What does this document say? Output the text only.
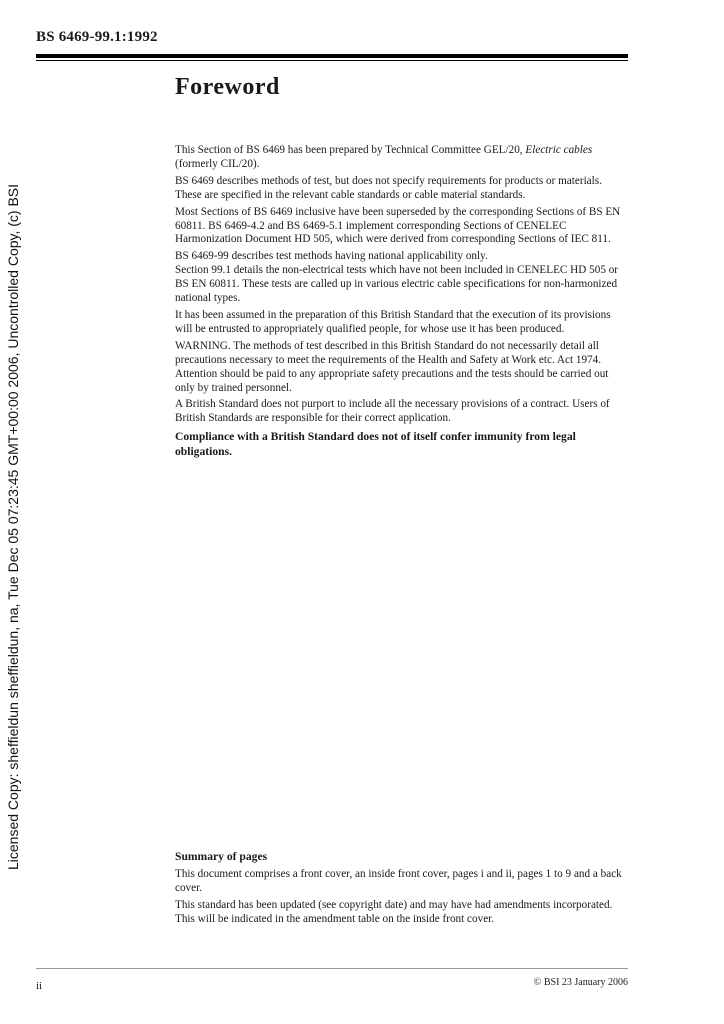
BS 6469-99.1:1992
Licensed Copy: sheffieldun sheffieldun, na, Tue Dec 05 07:23:45 GMT+00:00 2006, Uncontrolled Copy, (c) BSI
Foreword

This Section of BS 6469 has been prepared by Technical Committee GEL/20, Electric cables (formerly CIL/20).

BS 6469 describes methods of test, but does not specify requirements for products or materials. These are specified in the relevant cable standards or cable material standards.

Most Sections of BS 6469 inclusive have been superseded by the corresponding Sections of BS EN 60811. BS 6469-4.2 and BS 6469-5.1 implement corresponding Sections of CENELEC Harmonization Document HD 505, which were derived from corresponding Sections of IEC 811.

BS 6469-99 describes test methods having national applicability only.

Section 99.1 details the non-electrical tests which have not been included in CENELEC HD 505 or BS EN 60811. These tests are called up in various electric cable specifications for non-harmonized national types.

It has been assumed in the preparation of this British Standard that the execution of its provisions will be entrusted to appropriately qualified people, for whose use it has been produced.

WARNING. The methods of test described in this British Standard do not necessarily detail all precautions necessary to meet the requirements of the Health and Safety at Work etc. Act 1974. Attention should be paid to any appropriate safety precautions and the tests should be carried out only by trained personnel.

A British Standard does not purport to include all the necessary provisions of a contract. Users of British Standards are responsible for their correct application.

Compliance with a British Standard does not of itself confer immunity from legal obligations.

Summary of pages

This document comprises a front cover, an inside front cover, pages i and ii, pages 1 to 9 and a back cover.

This standard has been updated (see copyright date) and may have had amendments incorporated. This will be indicated in the amendment table on the inside front cover.

ii	© BSI 23 January 2006
